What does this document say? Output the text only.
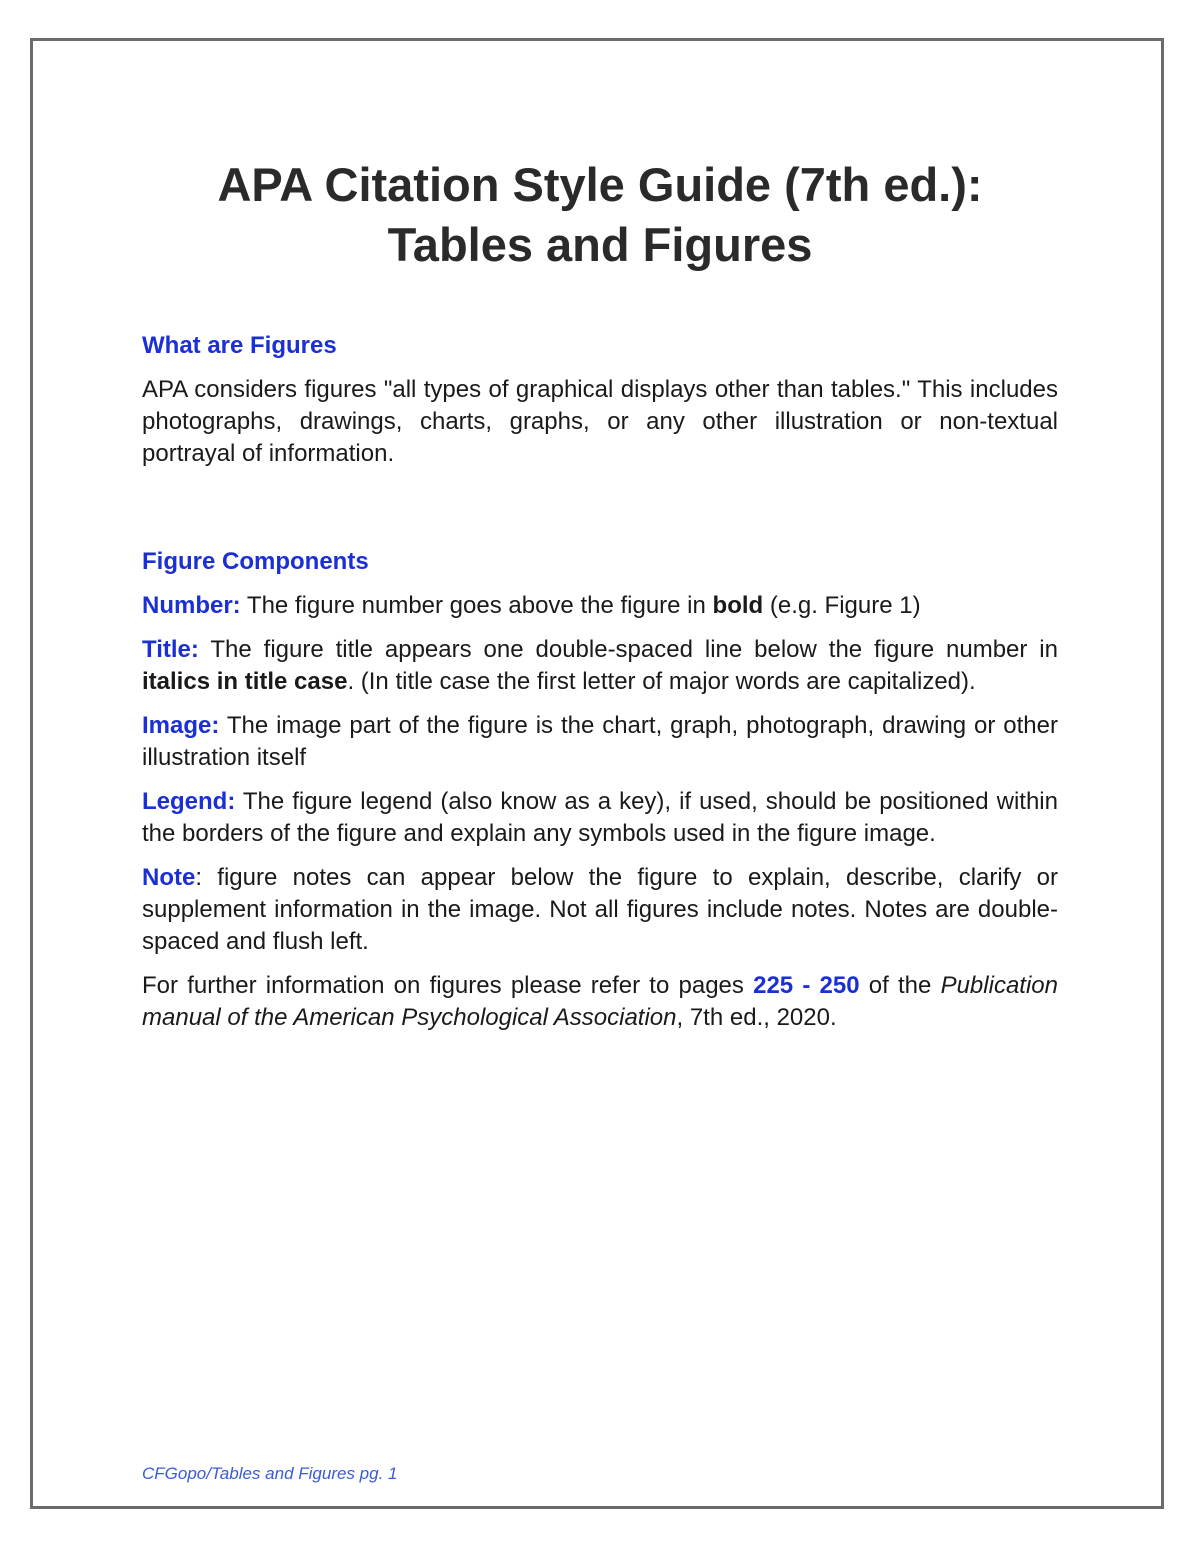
APA Citation Style Guide (7th ed.):
Tables and Figures
What are Figures

APA considers figures "all types of graphical displays other than tables." This includes photographs, drawings, charts, graphs, or any other illustration or non-textual portrayal of information.

Figure Components

Number: The figure number goes above the figure in bold (e.g. Figure 1)

Title: The figure title appears one double-spaced line below the figure number in italics in title case. (In title case the first letter of major words are capitalized).

Image: The image part of the figure is the chart, graph, photograph, drawing or other illustration itself

Legend: The figure legend (also know as a key), if used, should be positioned within the borders of the figure and explain any symbols used in the figure image.

Note: figure notes can appear below the figure to explain, describe, clarify or supplement information in the image. Not all figures include notes. Notes are double-spaced and flush left.

For further information on figures please refer to pages 225 - 250 of the Publication manual of the American Psychological Association, 7th ed., 2020.

CFGopo/Tables and Figures pg. 1
